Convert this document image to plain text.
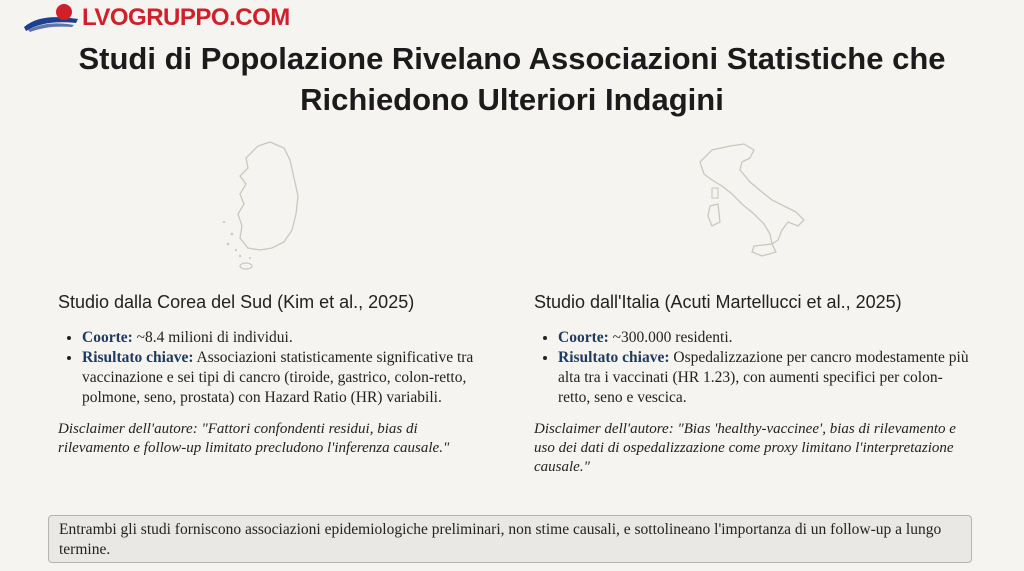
LVOGRUPPO.COM
Studi di Popolazione Rivelano Associazioni Statistiche che Richiedono Ulteriori Indagini
Studio dalla Corea del Sud (Kim et al., 2025)
• Coorte: ~8.4 milioni di individui.
• Risultato chiave: Associazioni statisticamente significative tra vaccinazione e sei tipi di cancro (tiroide, gastrico, colon-retto, polmone, seno, prostata) con Hazard Ratio (HR) variabili.
Disclaimer dell'autore: "Fattori confondenti residui, bias di rilevamento e follow-up limitato precludono l'inferenza causale."
Studio dall'Italia (Acuti Martellucci et al., 2025)
• Coorte: ~300.000 residenti.
• Risultato chiave: Ospedalizzazione per cancro modestamente più alta tra i vaccinati (HR 1.23), con aumenti specifici per colon-retto, seno e vescica.
Disclaimer dell'autore: "Bias 'healthy-vaccinee', bias di rilevamento e uso dei dati di ospedalizzazione come proxy limitano l'interpretazione causale."
Entrambi gli studi forniscono associazioni epidemiologiche preliminari, non stime causali, e sottolineano l'importanza di un follow-up a lungo termine.
